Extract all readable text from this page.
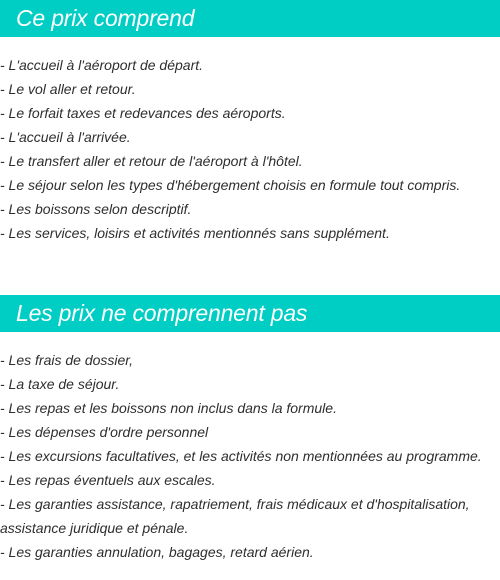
Ce prix comprend
- L'accueil à l'aéroport de départ.
- Le vol aller et retour.
- Le forfait taxes et redevances des aéroports.
- L'accueil à l'arrivée.
- Le transfert aller et retour de l'aéroport à l'hôtel.
- Le séjour selon les types d'hébergement choisis en formule tout compris.
- Les boissons selon descriptif.
- Les services, loisirs et activités mentionnés sans supplément.
Les prix ne comprennent pas
- Les frais de dossier,
- La taxe de séjour.
- Les repas et les boissons non inclus dans la formule.
- Les dépenses d'ordre personnel
- Les excursions facultatives, et les activités non mentionnées au programme.
- Les repas éventuels aux escales.
- Les garanties assistance, rapatriement, frais médicaux et d'hospitalisation, assistance juridique et pénale.
- Les garanties annulation, bagages, retard aérien.
